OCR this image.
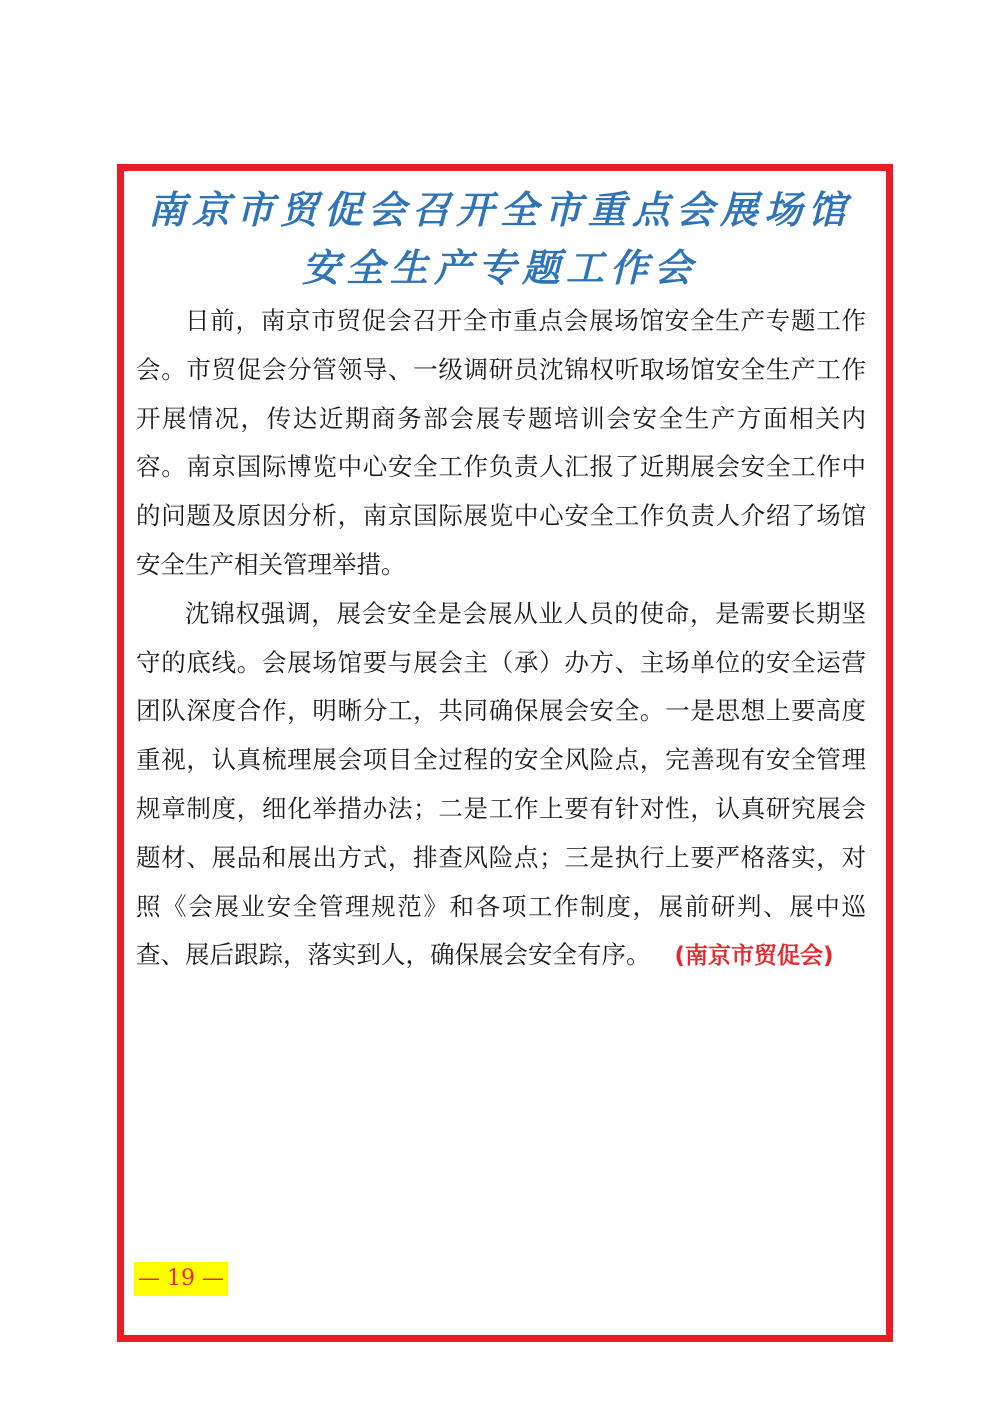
南京市贸促会召开全市重点会展场馆
安全生产专题工作会

日前，南京市贸促会召开全市重点会展场馆安全生产专题工作会。市贸促会分管领导、一级调研员沈锦权听取场馆安全生产工作开展情况，传达近期商务部会展专题培训会安全生产方面相关内容。南京国际博览中心安全工作负责人汇报了近期展会安全工作中的问题及原因分析，南京国际展览中心安全工作负责人介绍了场馆安全生产相关管理举措。

沈锦权强调，展会安全是会展从业人员的使命，是需要长期坚守的底线。会展场馆要与展会主（承）办方、主场单位的安全运营团队深度合作，明晰分工，共同确保展会安全。一是思想上要高度重视，认真梳理展会项目全过程的安全风险点，完善现有安全管理规章制度，细化举措办法；二是工作上要有针对性，认真研究展会题材、展品和展出方式，排查风险点；三是执行上要严格落实，对照《会展业安全管理规范》和各项工作制度，展前研判、展中巡查、展后跟踪，落实到人，确保展会安全有序。 (南京市贸促会)

— 19 —
